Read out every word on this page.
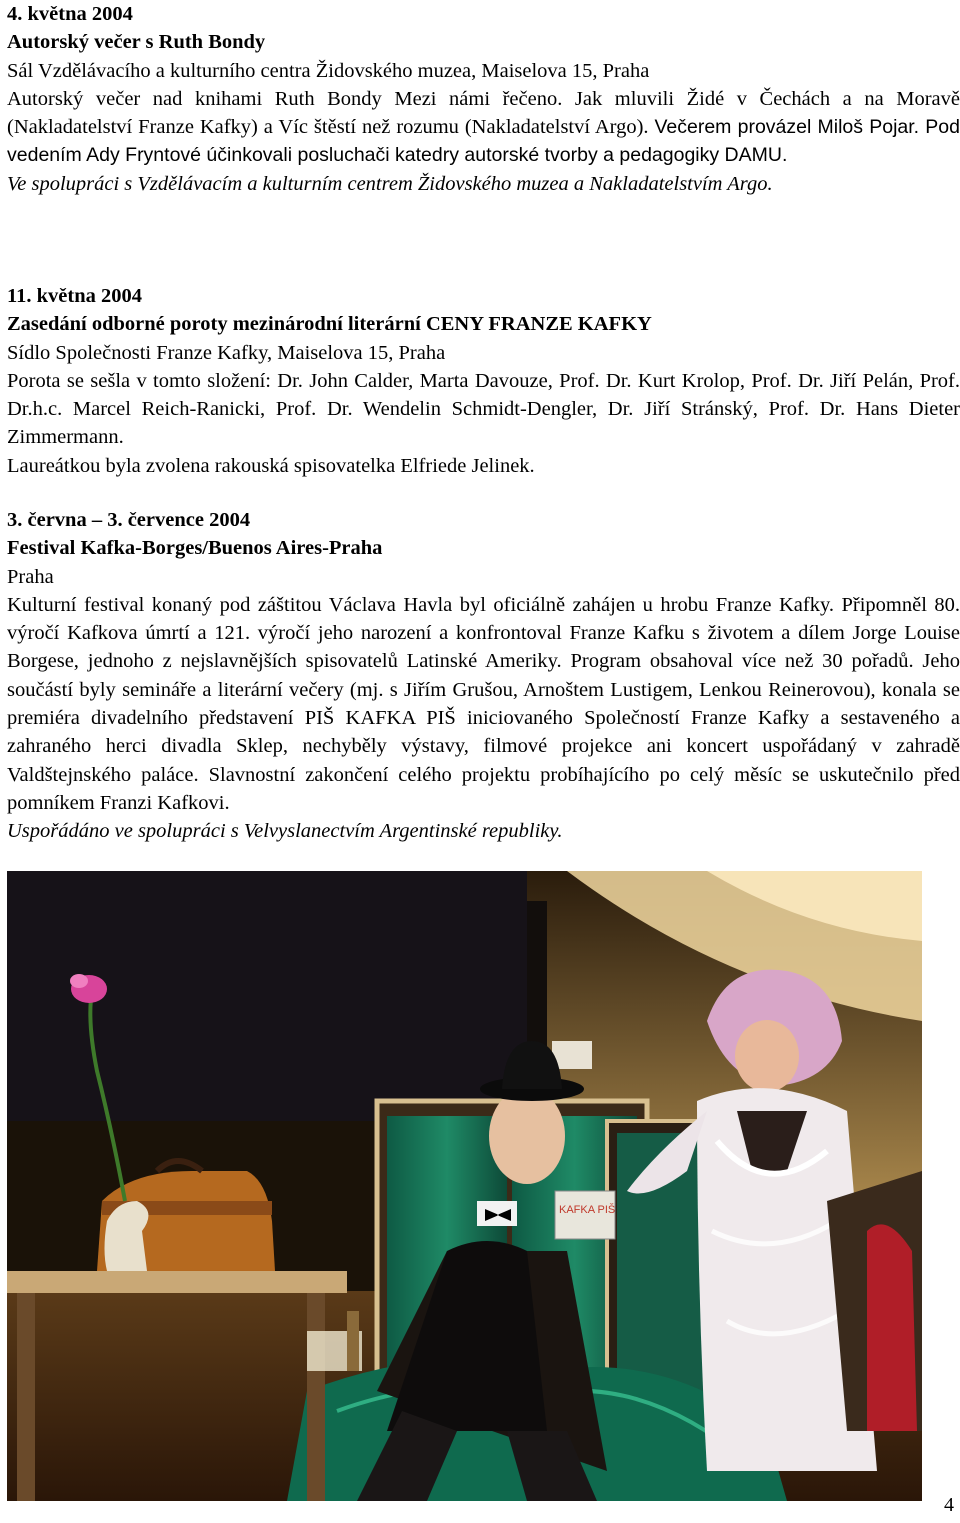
4. května 2004
Autorský večer s Ruth Bondy
Sál Vzdělávacího a kulturního centra Židovského muzea, Maiselova 15, Praha
Autorský večer nad knihami Ruth Bondy Mezi námi řečeno. Jak mluvili Židé v Čechách a na Moravě (Nakladatelství Franze Kafky) a Víc štěstí než rozumu (Nakladatelství Argo). Večerem provázel Miloš Pojar. Pod vedením Ady Fryntové účinkovali posluchači katedry autorské tvorby a pedagogiky DAMU.
Ve spolupráci s Vzdělávacím a kulturním centrem Židovského muzea a Nakladatelstvím Argo.
11. května 2004
Zasedání odborné poroty mezinárodní literární CENY FRANZE KAFKY
Sídlo Společnosti Franze Kafky, Maiselova 15, Praha
Porota se sešla v tomto složení: Dr. John Calder, Marta Davouze, Prof. Dr. Kurt Krolop, Prof. Dr. Jiří Pelán, Prof. Dr.h.c. Marcel Reich-Ranicki, Prof. Dr. Wendelin Schmidt-Dengler, Dr. Jiří Stránský, Prof. Dr. Hans Dieter Zimmermann.
Laureátkou byla zvolena rakouská spisovatelka Elfriede Jelinek.
3. června – 3. července 2004
Festival Kafka-Borges/Buenos Aires-Praha
Praha
Kulturní festival konaný pod záštitou Václava Havla byl oficiálně zahájen u hrobu Franze Kafky. Připomněl 80. výročí Kafkova úmrtí a 121. výročí jeho narození a konfrontoval Franze Kafku s životem a dílem Jorge Louise Borgese, jednoho z nejslavnějších spisovatelů Latinské Ameriky. Program obsahoval více než 30 pořadů. Jeho součástí byly semináře a literární večery (mj. s Jiřím Grušou, Arnoštem Lustigem, Lenkou Reinerovou), konala se premiéra divadelního představení PIŠ KAFKA PIŠ iniciovaného Společností Franze Kafky a sestaveného a zahraného herci divadla Sklep, nechyběly výstavy, filmové projekce ani koncert uspořádaný v zahradě Valdštejnského paláce. Slavnostní zakončení celého projektu probíhajícího po celý měsíc se uskutečnilo před pomníkem Franzi Kafkovi.
Uspořádáno ve spolupráci s Velvyslanectvím Argentinské republiky.
KAFKA PIŠ
4
